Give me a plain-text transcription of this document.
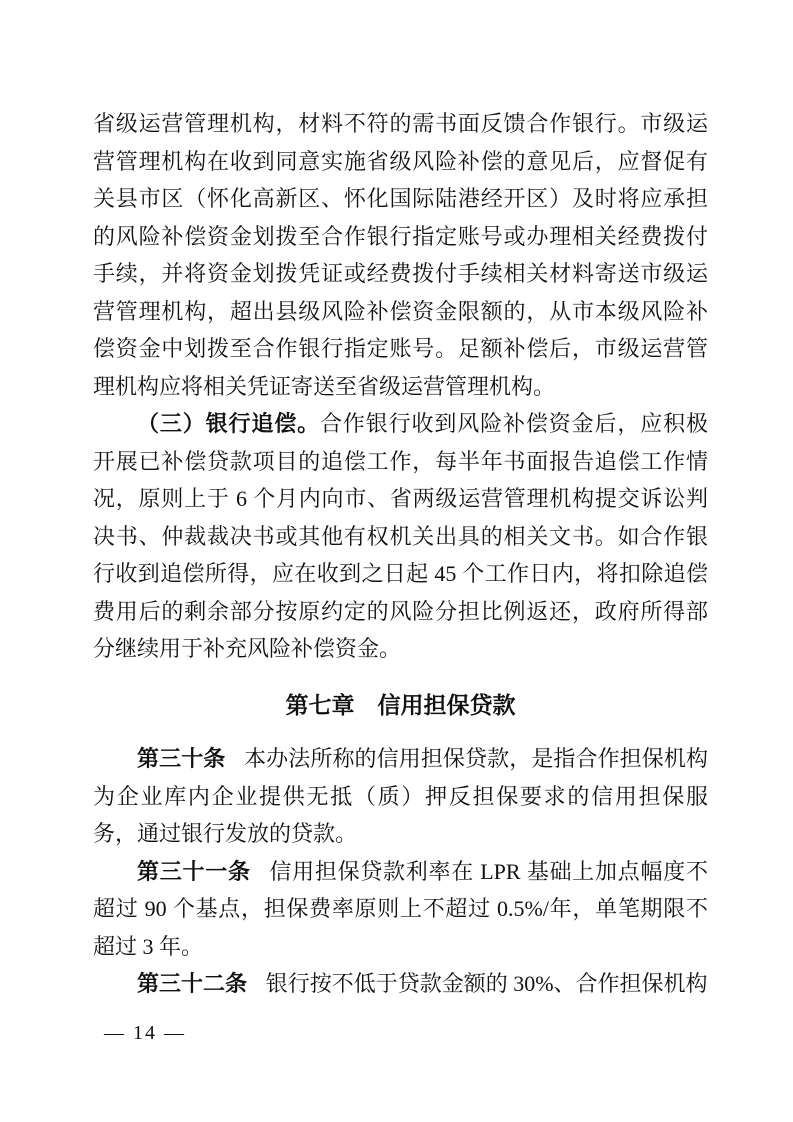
省级运营管理机构，材料不符的需书面反馈合作银行。市级运营管理机构在收到同意实施省级风险补偿的意见后，应督促有关县市区（怀化高新区、怀化国际陆港经开区）及时将应承担的风险补偿资金划拨至合作银行指定账号或办理相关经费拨付手续，并将资金划拨凭证或经费拨付手续相关材料寄送市级运营管理机构，超出县级风险补偿资金限额的，从市本级风险补偿资金中划拨至合作银行指定账号。足额补偿后，市级运营管理机构应将相关凭证寄送至省级运营管理机构。

（三）银行追偿。合作银行收到风险补偿资金后，应积极开展已补偿贷款项目的追偿工作，每半年书面报告追偿工作情况，原则上于 6 个月内向市、省两级运营管理机构提交诉讼判决书、仲裁裁决书或其他有权机关出具的相关文书。如合作银行收到追偿所得，应在收到之日起 45 个工作日内，将扣除追偿费用后的剩余部分按原约定的风险分担比例返还，政府所得部分继续用于补充风险补偿资金。

第七章　信用担保贷款

第三十条 本办法所称的信用担保贷款，是指合作担保机构为企业库内企业提供无抵（质）押反担保要求的信用担保服务，通过银行发放的贷款。

第三十一条 信用担保贷款利率在 LPR 基础上加点幅度不超过 90 个基点，担保费率原则上不超过 0.5%/年，单笔期限不超过 3 年。

第三十二条 银行按不低于贷款金额的 30%、合作担保机构

— 14 —
